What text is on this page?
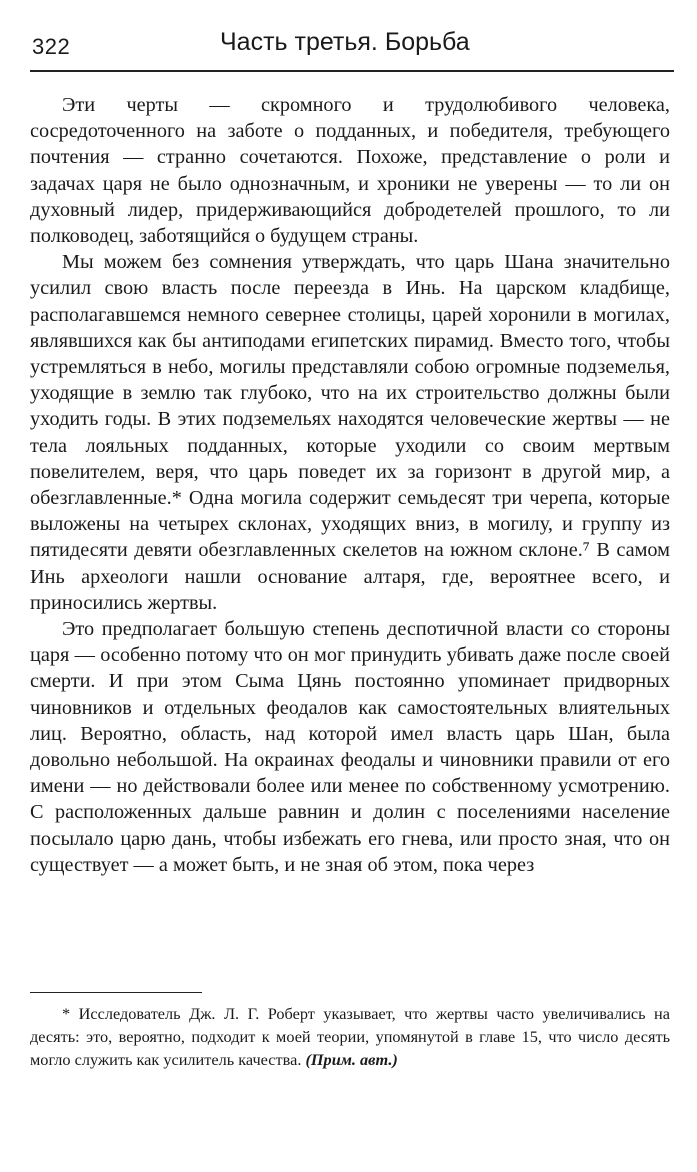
322	Часть третья. Борьба

Эти черты — скромного и трудолюбивого человека, сосредоточенного на заботе о подданных, и победителя, требующего почтения — странно сочетаются. Похоже, представление о роли и задачах царя не было однозначным, и хроники не уверены — то ли он духовный лидер, придерживающийся добродетелей прошлого, то ли полководец, заботящийся о будущем страны.

Мы можем без сомнения утверждать, что царь Шана значительно усилил свою власть после переезда в Инь. На царском кладбище, располагавшемся немного севернее столицы, царей хоронили в могилах, являвшихся как бы антиподами египетских пирамид. Вместо того, чтобы устремляться в небо, могилы представляли собою огромные подземелья, уходящие в землю так глубоко, что на их строительство должны были уходить годы. В этих подземельях находятся человеческие жертвы — не тела лояльных подданных, которые уходили со своим мертвым повелителем, веря, что царь поведет их за горизонт в другой мир, а обезглавленные.* Одна могила содержит семьдесят три черепа, которые выложены на четырех склонах, уходящих вниз, в могилу, и группу из пятидесяти девяти обезглавленных скелетов на южном склоне.⁷ В самом Инь археологи нашли основание алтаря, где, вероятнее всего, и приносились жертвы.

Это предполагает большую степень деспотичной власти со стороны царя — особенно потому что он мог принудить убивать даже после своей смерти. И при этом Сыма Цянь постоянно упоминает придворных чиновников и отдельных феодалов как самостоятельных влиятельных лиц. Вероятно, область, над которой имел власть царь Шан, была довольно небольшой. На окраинах феодалы и чиновники правили от его имени — но действовали более или менее по собственному усмотрению. С расположенных дальше равнин и долин с поселениями население посылало царю дань, чтобы избежать его гнева, или просто зная, что он существует — а может быть, и не зная об этом, пока через

* Исследователь Дж. Л. Г. Роберт указывает, что жертвы часто увеличивались на десять: это, вероятно, подходит к моей теории, упомянутой в главе 15, что число десять могло служить как усилитель качества. (Прим. авт.)
